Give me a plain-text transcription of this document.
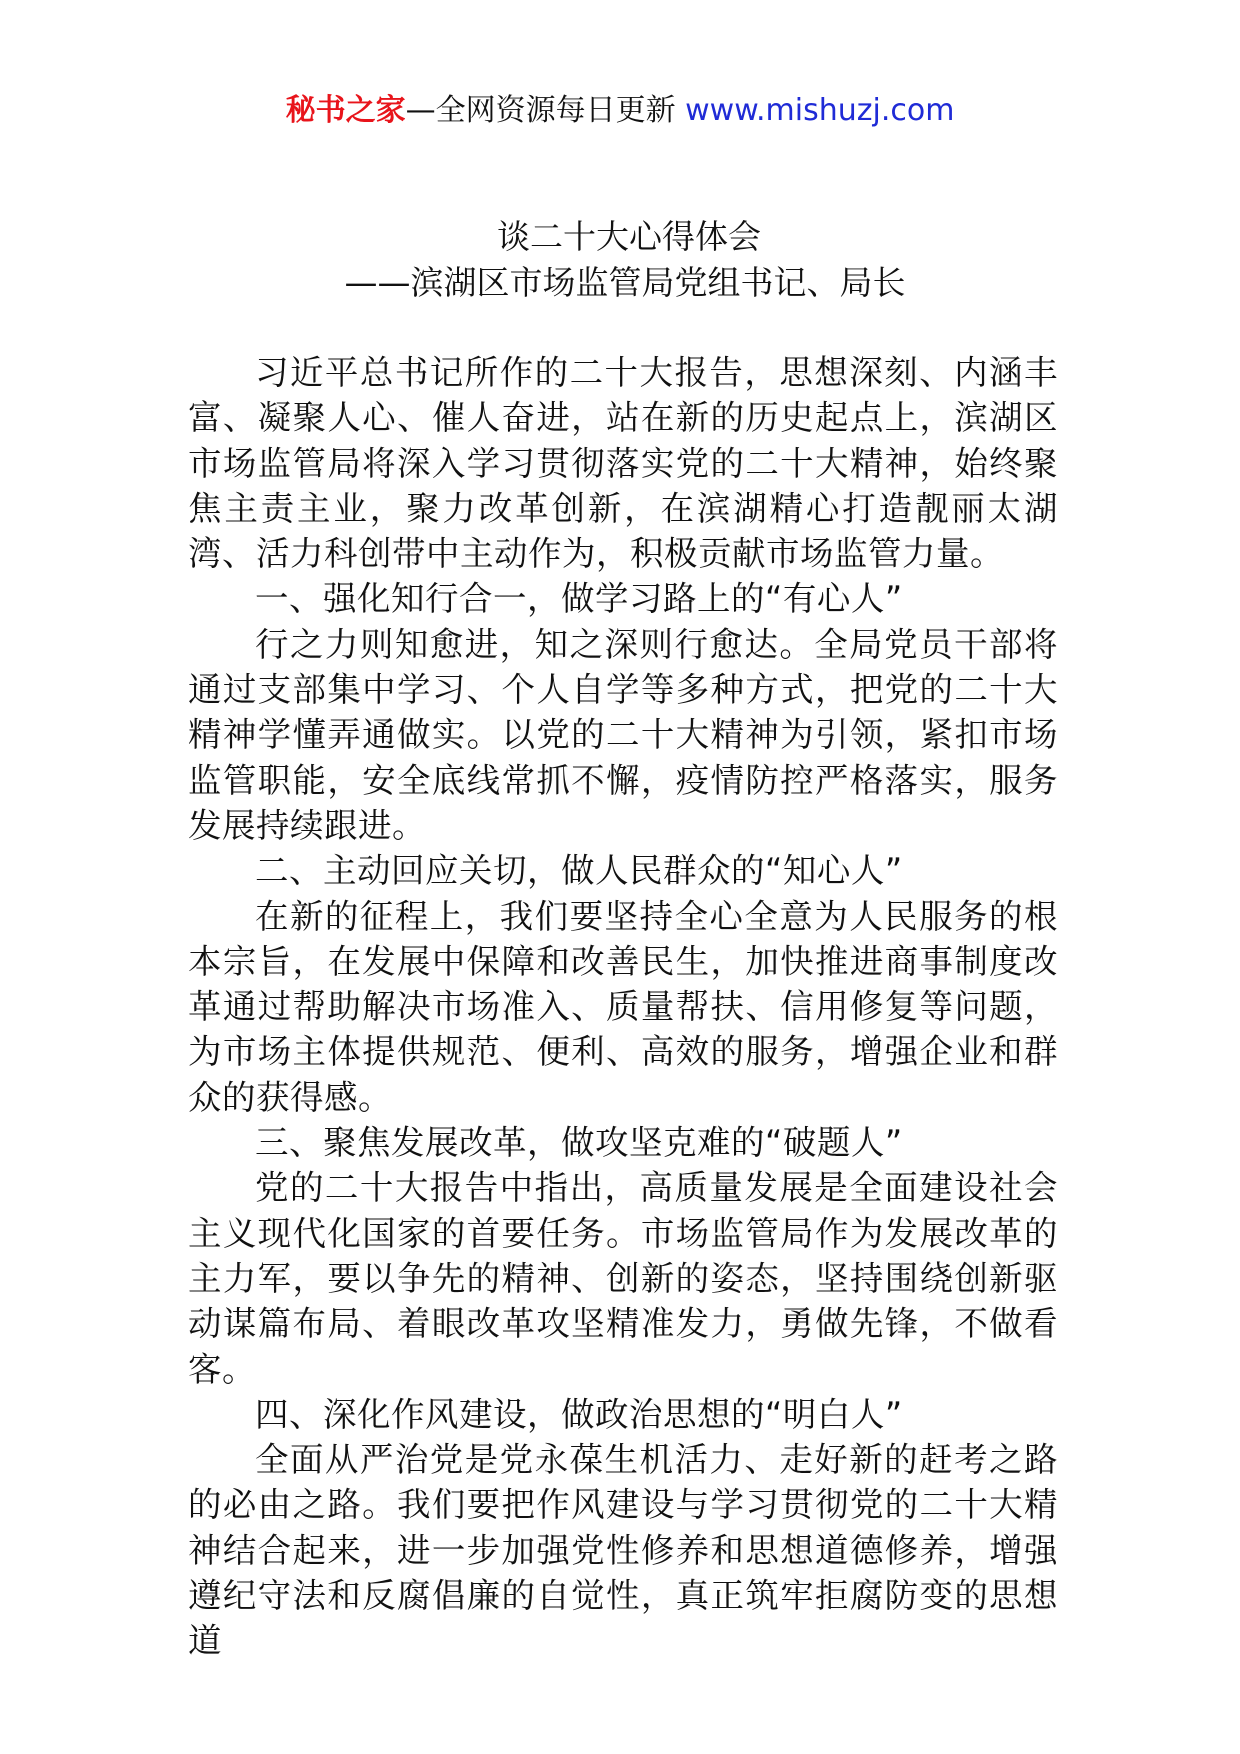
秘书之家—全网资源每日更新 www.mishuzj.com
谈二十大心得体会
——滨湖区市场监管局党组书记、局长

习近平总书记所作的二十大报告，思想深刻、内涵丰富、凝聚人心、催人奋进，站在新的历史起点上，滨湖区市场监管局将深入学习贯彻落实党的二十大精神，始终聚焦主责主业，聚力改革创新，在滨湖精心打造靓丽太湖湾、活力科创带中主动作为，积极贡献市场监管力量。

一、强化知行合一，做学习路上的“有心人”

行之力则知愈进，知之深则行愈达。全局党员干部将通过支部集中学习、个人自学等多种方式，把党的二十大精神学懂弄通做实。以党的二十大精神为引领，紧扣市场监管职能，安全底线常抓不懈，疫情防控严格落实，服务发展持续跟进。

二、主动回应关切，做人民群众的“知心人”

在新的征程上，我们要坚持全心全意为人民服务的根本宗旨，在发展中保障和改善民生，加快推进商事制度改革通过帮助解决市场准入、质量帮扶、信用修复等问题，为市场主体提供规范、便利、高效的服务，增强企业和群众的获得感。

三、聚焦发展改革，做攻坚克难的“破题人”

党的二十大报告中指出，高质量发展是全面建设社会主义现代化国家的首要任务。市场监管局作为发展改革的主力军，要以争先的精神、创新的姿态，坚持围绕创新驱动谋篇布局、着眼改革攻坚精准发力，勇做先锋，不做看客。

四、深化作风建设，做政治思想的“明白人”

全面从严治党是党永葆生机活力、走好新的赶考之路的必由之路。我们要把作风建设与学习贯彻党的二十大精神结合起来，进一步加强党性修养和思想道德修养，增强遵纪守法和反腐倡廉的自觉性，真正筑牢拒腐防变的思想道
